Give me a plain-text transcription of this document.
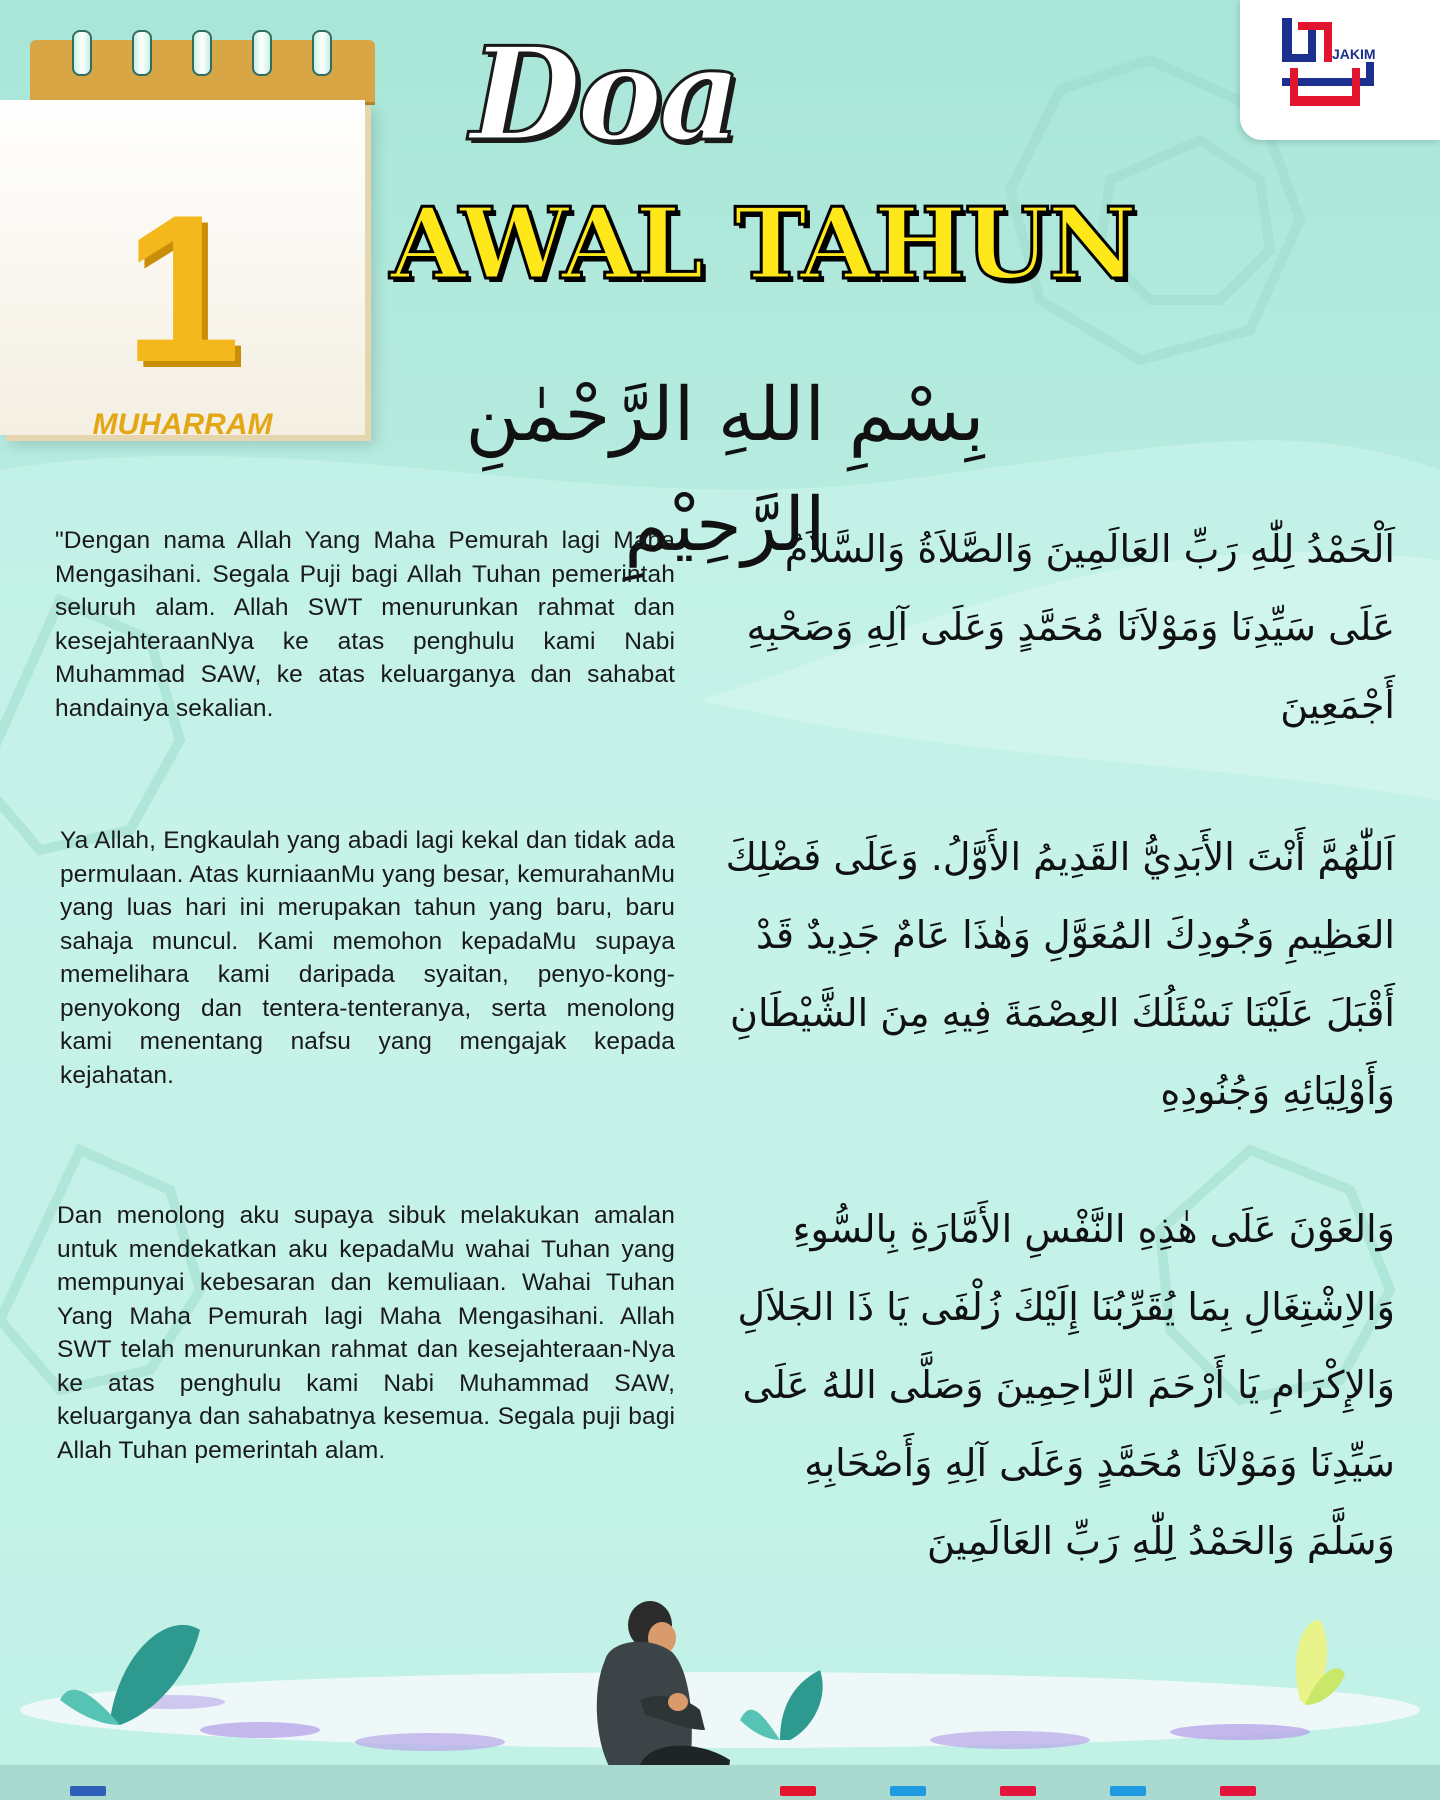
1
MUHARRAM
Doa
AWAL TAHUN
بِسْمِ اللهِ الرَّحْمٰنِ الرَّحِيْمِ
JAKIM

"Dengan nama Allah Yang Maha Pemurah lagi Maha Mengasihani. Segala Puji bagi Allah Tuhan pemerintah seluruh alam. Allah SWT menurunkan rahmat dan kesejahteraanNya ke atas penghulu kami Nabi Muhammad SAW, ke atas keluarganya dan sahabat handainya sekalian.

اَلْحَمْدُ لِلّٰهِ رَبِّ العَالَمِينَ وَالصَّلاَةُ وَالسَّلاَمُ عَلَى سَيِّدِنَا وَمَوْلاَنَا مُحَمَّدٍ وَعَلَى آلِهِ وَصَحْبِهِ أَجْمَعِينَ

Ya Allah, Engkaulah yang abadi lagi kekal dan tidak ada permulaan. Atas kurniaanMu yang besar, kemurahanMu yang luas hari ini merupakan tahun yang baru, baru sahaja muncul. Kami memohon kepadaMu supaya memelihara kami daripada syaitan, penyo-kong-penyokong dan tentera-tenteranya, serta menolong kami menentang nafsu yang mengajak kepada kejahatan.

اَللّٰهُمَّ أَنْتَ الأَبَدِيُّ القَدِيمُ الأَوَّلُ. وَعَلَى فَضْلِكَ العَظِيمِ وَجُودِكَ المُعَوَّلِ وَهٰذَا عَامٌ جَدِيدٌ قَدْ أَقْبَلَ عَلَيْنَا نَسْئَلُكَ العِصْمَةَ فِيهِ مِنَ الشَّيْطَانِ وَأَوْلِيَائِهِ وَجُنُودِهِ

Dan menolong aku supaya sibuk melakukan amalan untuk mendekatkan aku kepadaMu wahai Tuhan yang mempunyai kebesaran dan kemuliaan. Wahai Tuhan Yang Maha Pemurah lagi Maha Mengasihani. Allah SWT telah menurunkan rahmat dan kesejahteraan-Nya ke atas penghulu kami Nabi Muhammad SAW, keluarganya dan sahabatnya kesemua. Segala puji bagi Allah Tuhan pemerintah alam.

وَالعَوْنَ عَلَى هٰذِهِ النَّفْسِ الأَمَّارَةِ بِالسُّوءِ وَالاِشْتِغَالِ بِمَا يُقَرِّبُنَا إِلَيْكَ زُلْفَى يَا ذَا الجَلاَلِ وَالإِكْرَامِ يَا أَرْحَمَ الرَّاحِمِينَ وَصَلَّى اللهُ عَلَى سَيِّدِنَا وَمَوْلاَنَا مُحَمَّدٍ وَعَلَى آلِهِ وَأَصْحَابِهِ وَسَلَّمَ وَالحَمْدُ لِلّٰهِ رَبِّ العَالَمِينَ
